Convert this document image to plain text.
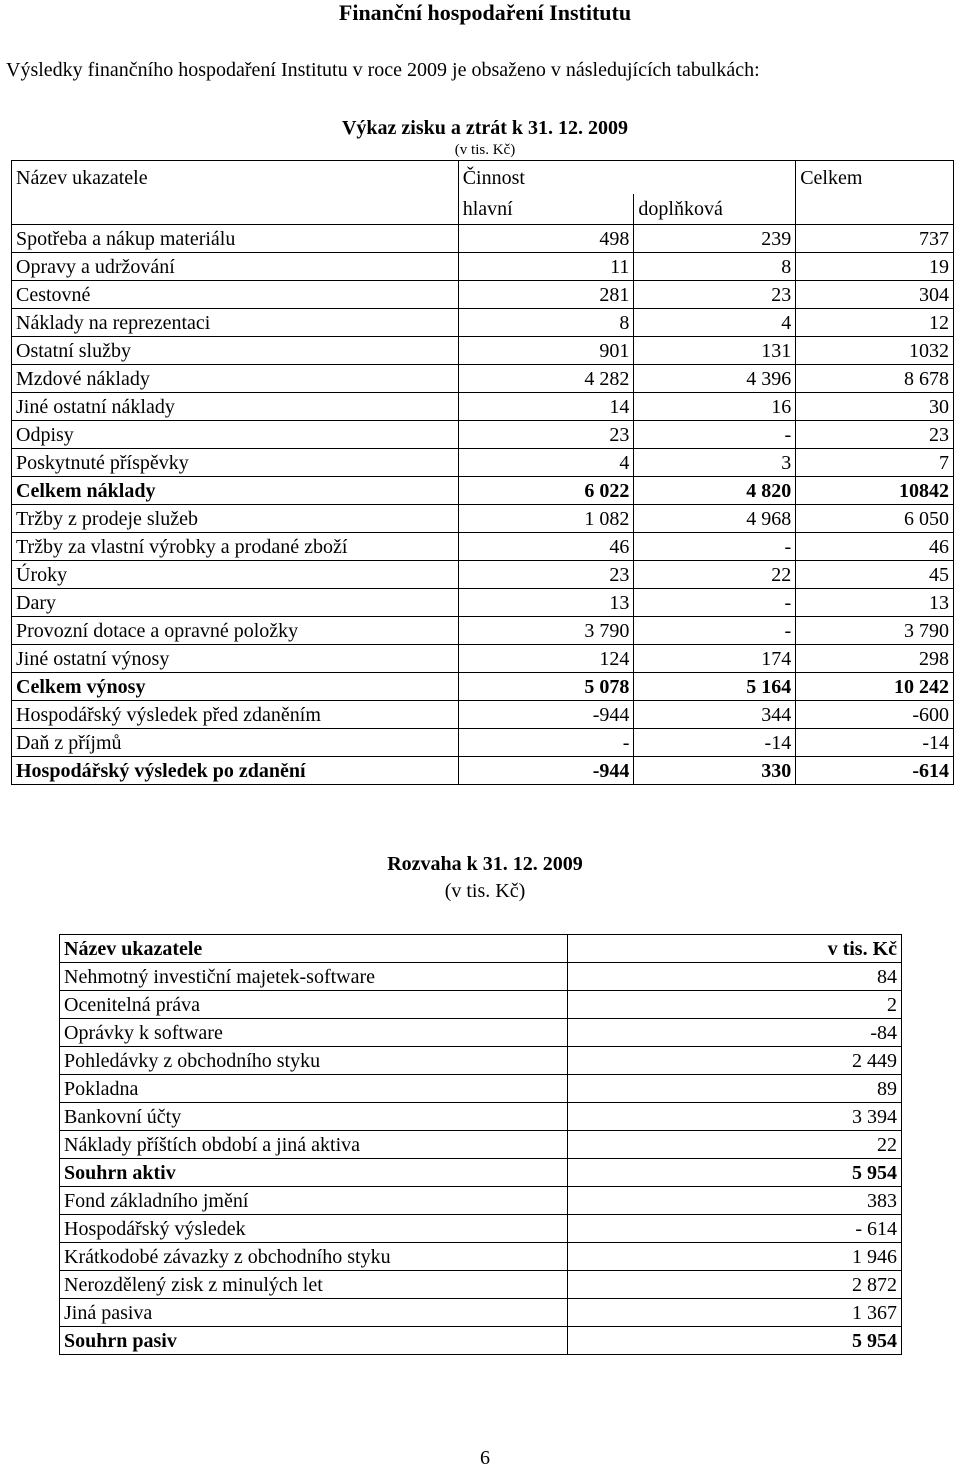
Finanční hospodaření Institutu
Výsledky finančního hospodaření Institutu v roce 2009 je obsaženo v následujících tabulkách:
Výkaz zisku a ztrát k 31. 12. 2009
(v tis. Kč)
Název ukazatele	Činnost		Celkem
	hlavní	doplňková	
Spotřeba a nákup materiálu	498	239	737
Opravy a udržování	11	8	19
Cestovné	281	23	304
Náklady na reprezentaci	8	4	12
Ostatní služby	901	131	1032
Mzdové náklady	4 282	4 396	8 678
Jiné ostatní náklady	14	16	30
Odpisy	23	-	23
Poskytnuté příspěvky	4	3	7
Celkem náklady	6 022	4 820	10842
Tržby z prodeje služeb	1 082	4 968	6 050
Tržby za vlastní výrobky a prodané zboží	46	-	46
Úroky	23	22	45
Dary	13	-	13
Provozní dotace a opravné položky	3 790	-	3 790
Jiné ostatní výnosy	124	174	298
Celkem výnosy	5 078	5 164	10 242
Hospodářský výsledek před zdaněním	-944	344	-600
Daň z příjmů	-	-14	-14
Hospodářský výsledek po zdanění	-944	330	-614
Rozvaha k 31. 12. 2009
(v tis. Kč)
Název ukazatele	v tis. Kč
Nehmotný investiční majetek-software	84
Ocenitelná práva	2
Oprávky k software	-84
Pohledávky z obchodního styku	2 449
Pokladna	89
Bankovní účty	3 394
Náklady příštích období a jiná aktiva	22
Souhrn aktiv	5 954
Fond základního jmění	383
Hospodářský výsledek	- 614
Krátkodobé závazky z obchodního styku	1 946
Nerozdělený zisk z minulých let	2 872
Jiná pasiva	1 367
Souhrn pasiv	5 954
6
